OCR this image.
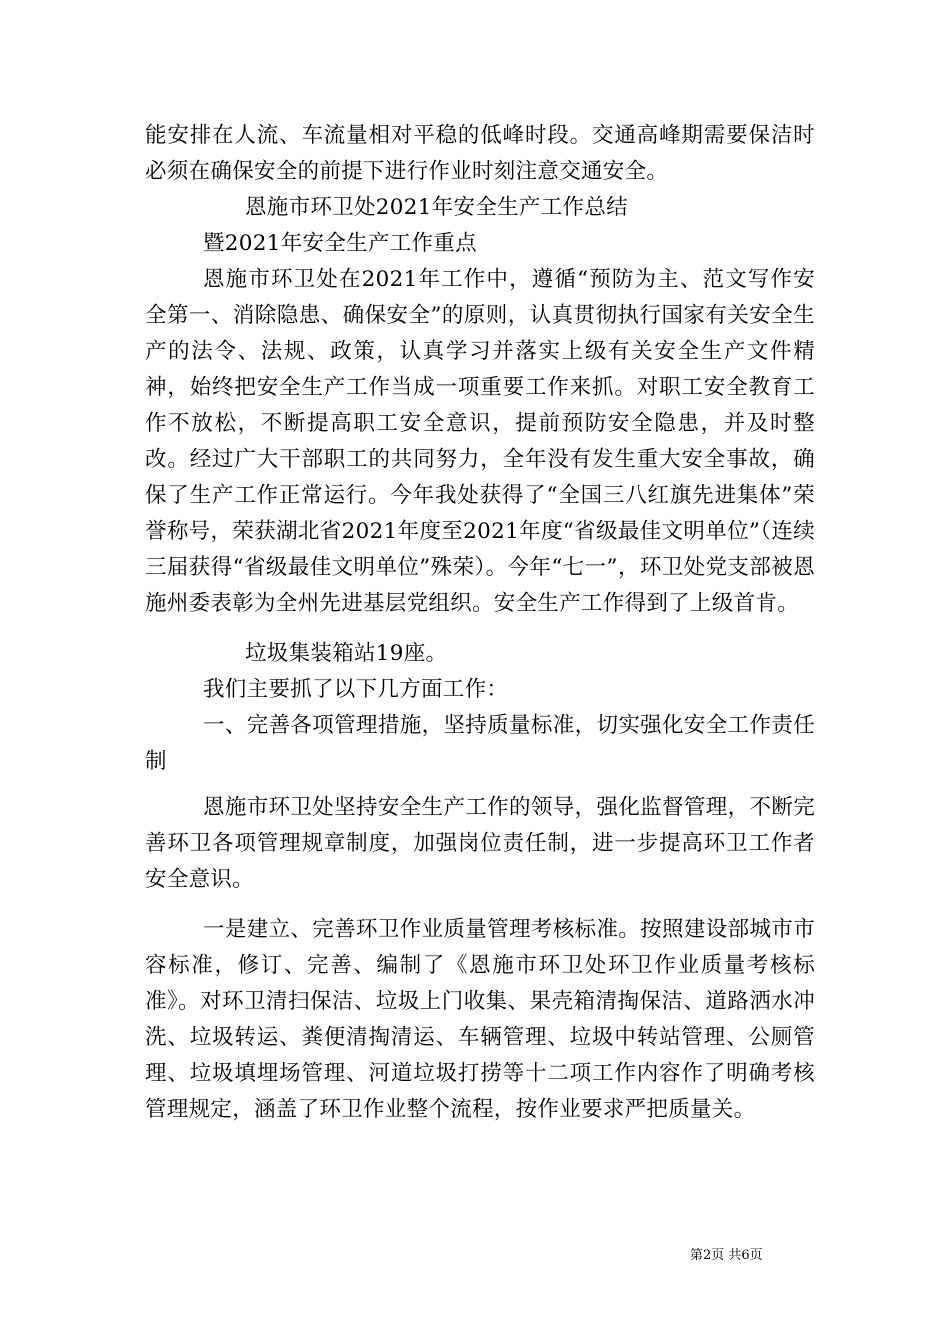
能安排在人流、车流量相对平稳的低峰时段。交通高峰期需要保洁时必须在确保安全的前提下进行作业时刻注意交通安全。

恩施市环卫处2021年安全生产工作总结

暨2021年安全生产工作重点

恩施市环卫处在2021年工作中，遵循“预防为主、范文写作安全第一、消除隐患、确保安全”的原则，认真贯彻执行国家有关安全生产的法令、法规、政策，认真学习并落实上级有关安全生产文件精神，始终把安全生产工作当成一项重要工作来抓。对职工安全教育工作不放松，不断提高职工安全意识，提前预防安全隐患，并及时整改。经过广大干部职工的共同努力，全年没有发生重大安全事故，确保了生产工作正常运行。今年我处获得了“全国三八红旗先进集体”荣誉称号，荣获湖北省2021年度至2021年度“省级最佳文明单位”（连续三届获得“省级最佳文明单位”殊荣）。今年“七一”，环卫处党支部被恩施州委表彰为全州先进基层党组织。安全生产工作得到了上级首肯。

垃圾集装箱站19座。

我们主要抓了以下几方面工作：

一、完善各项管理措施，坚持质量标准，切实强化安全工作责任制

恩施市环卫处坚持安全生产工作的领导，强化监督管理，不断完善环卫各项管理规章制度，加强岗位责任制，进一步提高环卫工作者安全意识。

一是建立、完善环卫作业质量管理考核标准。按照建设部城市市容标准，修订、完善、编制了《恩施市环卫处环卫作业质量考核标准》。对环卫清扫保洁、垃圾上门收集、果壳箱清掏保洁、道路洒水冲洗、垃圾转运、粪便清掏清运、车辆管理、垃圾中转站管理、公厕管理、垃圾填埋场管理、河道垃圾打捞等十二项工作内容作了明确考核管理规定，涵盖了环卫作业整个流程，按作业要求严把质量关。

第2页 共6页
